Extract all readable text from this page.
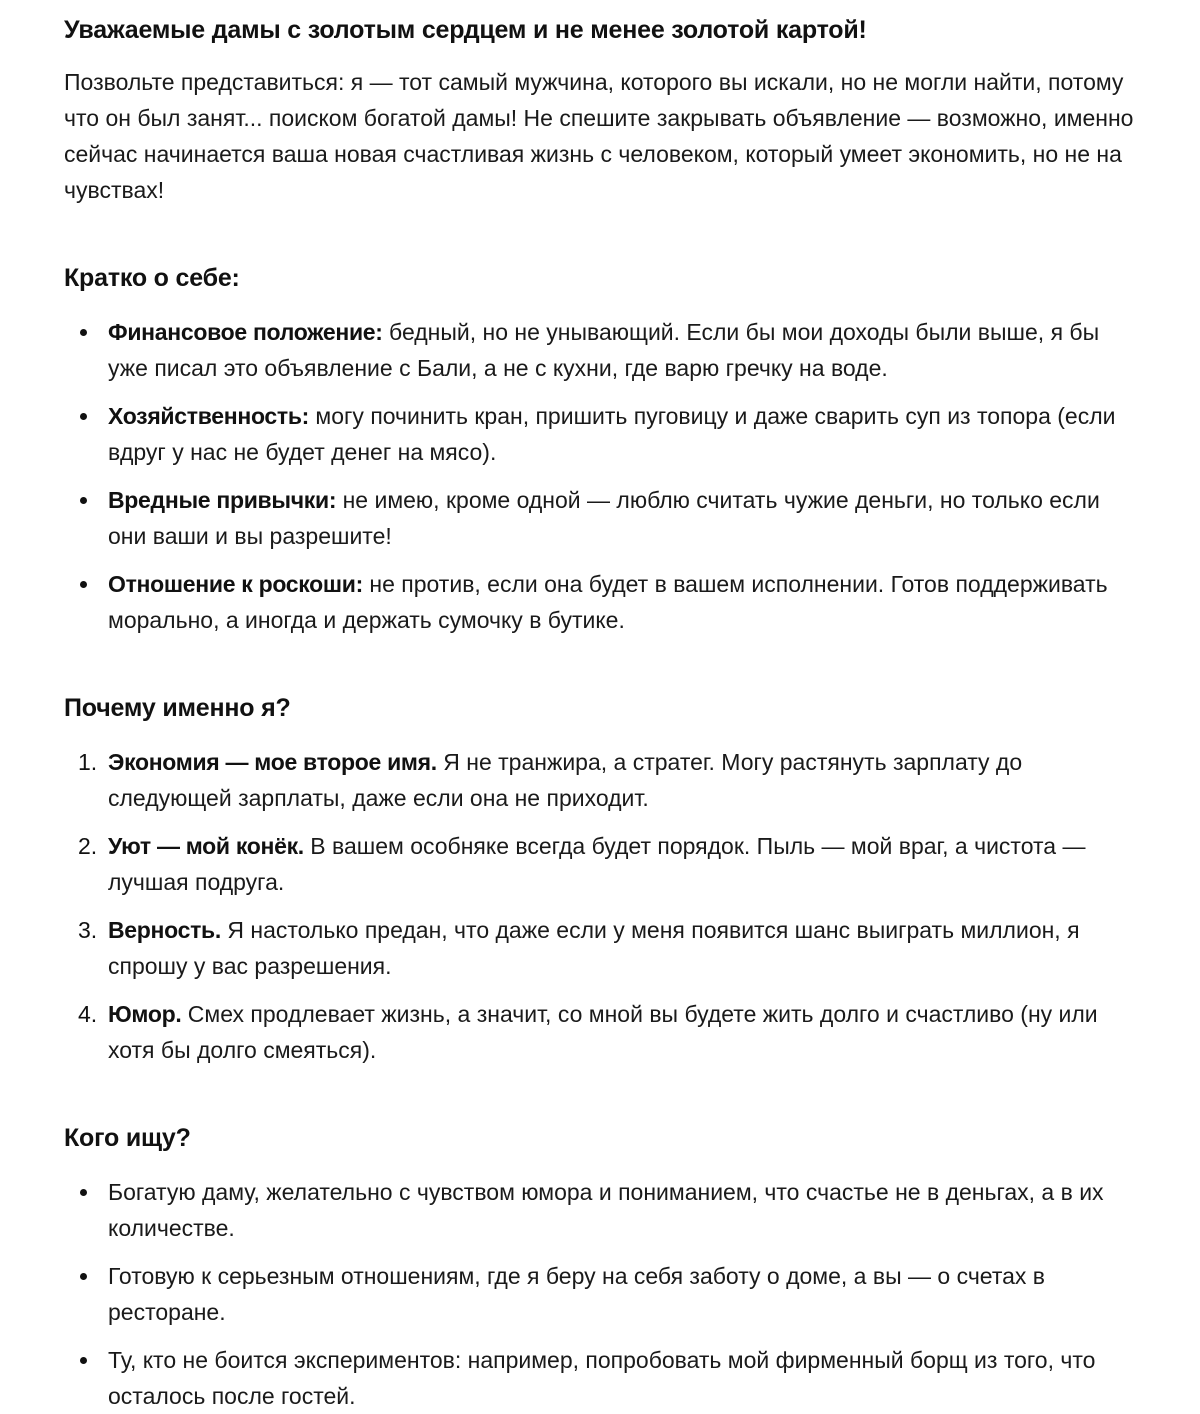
Уважаемые дамы с золотым сердцем и не менее золотой картой!

Позвольте представиться: я — тот самый мужчина, которого вы искали, но не могли найти, потому что он был занят... поиском богатой дамы! Не спешите закрывать объявление — возможно, именно сейчас начинается ваша новая счастливая жизнь с человеком, который умеет экономить, но не на чувствах!

Кратко о себе:
Финансовое положение: бедный, но не унывающий. Если бы мои доходы были выше, я бы уже писал это объявление с Бали, а не с кухни, где варю гречку на воде.
Хозяйственность: могу починить кран, пришить пуговицу и даже сварить суп из топора (если вдруг у нас не будет денег на мясо).
Вредные привычки: не имею, кроме одной — люблю считать чужие деньги, но только если они ваши и вы разрешите!
Отношение к роскоши: не против, если она будет в вашем исполнении. Готов поддерживать морально, а иногда и держать сумочку в бутике.
Почему именно я?
1. Экономия — мое второе имя. Я не транжира, а стратег. Могу растянуть зарплату до следующей зарплаты, даже если она не приходит.
2. Уют — мой конёк. В вашем особняке всегда будет порядок. Пыль — мой враг, а чистота — лучшая подруга.
3. Верность. Я настолько предан, что даже если у меня появится шанс выиграть миллион, я спрошу у вас разрешения.
4. Юмор. Смех продлевает жизнь, а значит, со мной вы будете жить долго и счастливо (ну или хотя бы долго смеяться).
Кого ищу?
Богатую даму, желательно с чувством юмора и пониманием, что счастье не в деньгах, а в их количестве.
Готовую к серьезным отношениям, где я беру на себя заботу о доме, а вы — о счетах в ресторане.
Ту, кто не боится экспериментов: например, попробовать мой фирменный борщ из того, что осталось после гостей.
